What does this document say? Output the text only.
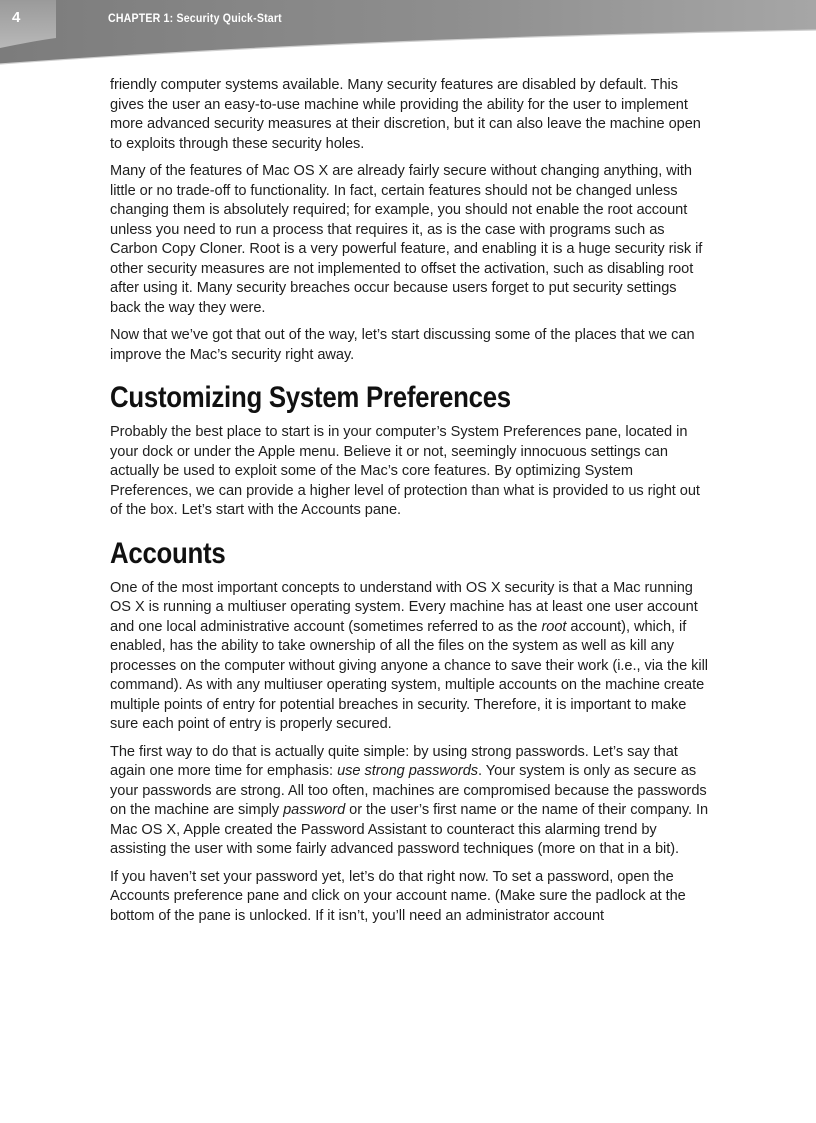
4	CHAPTER 1: Security Quick-Start

friendly computer systems available. Many security features are disabled by default. This gives the user an easy-to-use machine while providing the ability for the user to implement more advanced security measures at their discretion, but it can also leave the machine open to exploits through these security holes.

Many of the features of Mac OS X are already fairly secure without changing anything, with little or no trade-off to functionality. In fact, certain features should not be changed unless changing them is absolutely required; for example, you should not enable the root account unless you need to run a process that requires it, as is the case with programs such as Carbon Copy Cloner. Root is a very powerful feature, and enabling it is a huge security risk if other security measures are not implemented to offset the activation, such as disabling root after using it. Many security breaches occur because users forget to put security settings back the way they were.

Now that we’ve got that out of the way, let’s start discussing some of the places that we can improve the Mac’s security right away.

Customizing System Preferences

Probably the best place to start is in your computer’s System Preferences pane, located in your dock or under the Apple menu. Believe it or not, seemingly innocuous settings can actually be used to exploit some of the Mac’s core features. By optimizing System Preferences, we can provide a higher level of protection than what is provided to us right out of the box. Let’s start with the Accounts pane.

Accounts

One of the most important concepts to understand with OS X security is that a Mac running OS X is running a multiuser operating system. Every machine has at least one user account and one local administrative account (sometimes referred to as the root account), which, if enabled, has the ability to take ownership of all the files on the system as well as kill any processes on the computer without giving anyone a chance to save their work (i.e., via the kill command). As with any multiuser operating system, multiple accounts on the machine create multiple points of entry for potential breaches in security. Therefore, it is important to make sure each point of entry is properly secured.

The first way to do that is actually quite simple: by using strong passwords. Let’s say that again one more time for emphasis: use strong passwords. Your system is only as secure as your passwords are strong. All too often, machines are compromised because the passwords on the machine are simply password or the user’s first name or the name of their company. In Mac OS X, Apple created the Password Assistant to counteract this alarming trend by assisting the user with some fairly advanced password techniques (more on that in a bit).

If you haven’t set your password yet, let’s do that right now. To set a password, open the Accounts preference pane and click on your account name. (Make sure the padlock at the bottom of the pane is unlocked. If it isn’t, you’ll need an administrator account
